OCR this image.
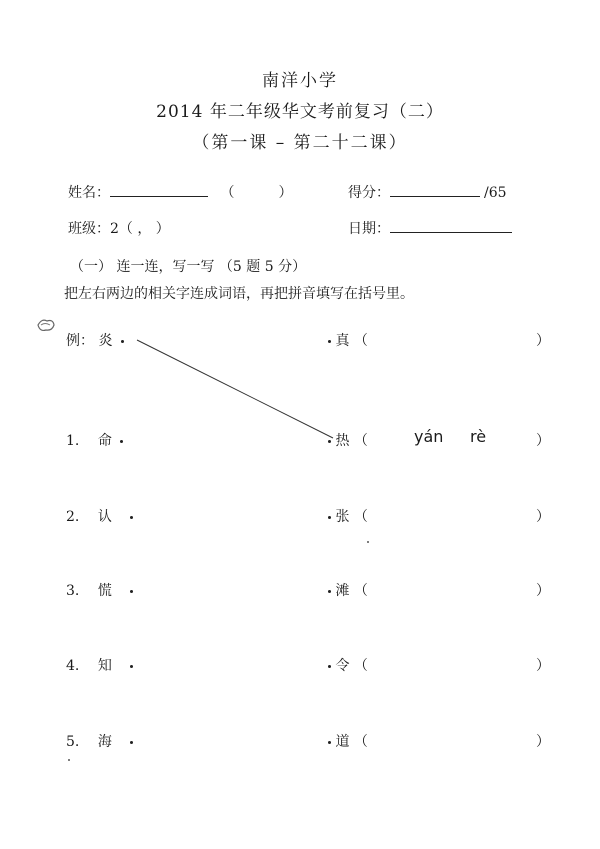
南洋小学
2014 年二年级华文考前复习（二）
（第一课 – 第二十二课）
姓名：	（	）	得分：	/65
班级：2（ ， ）	日期：
（一） 连一连，写一写 （5 题 5 分）
把左右两边的相关字连成词语，再把拼音填写在括号里。
例： 炎	真 （	）
1. 命	热 （	yán rè	）
2. 认	张 （	）
3. 慌	滩 （	）
4. 知	令 （	）
5. 海	道 （	）
